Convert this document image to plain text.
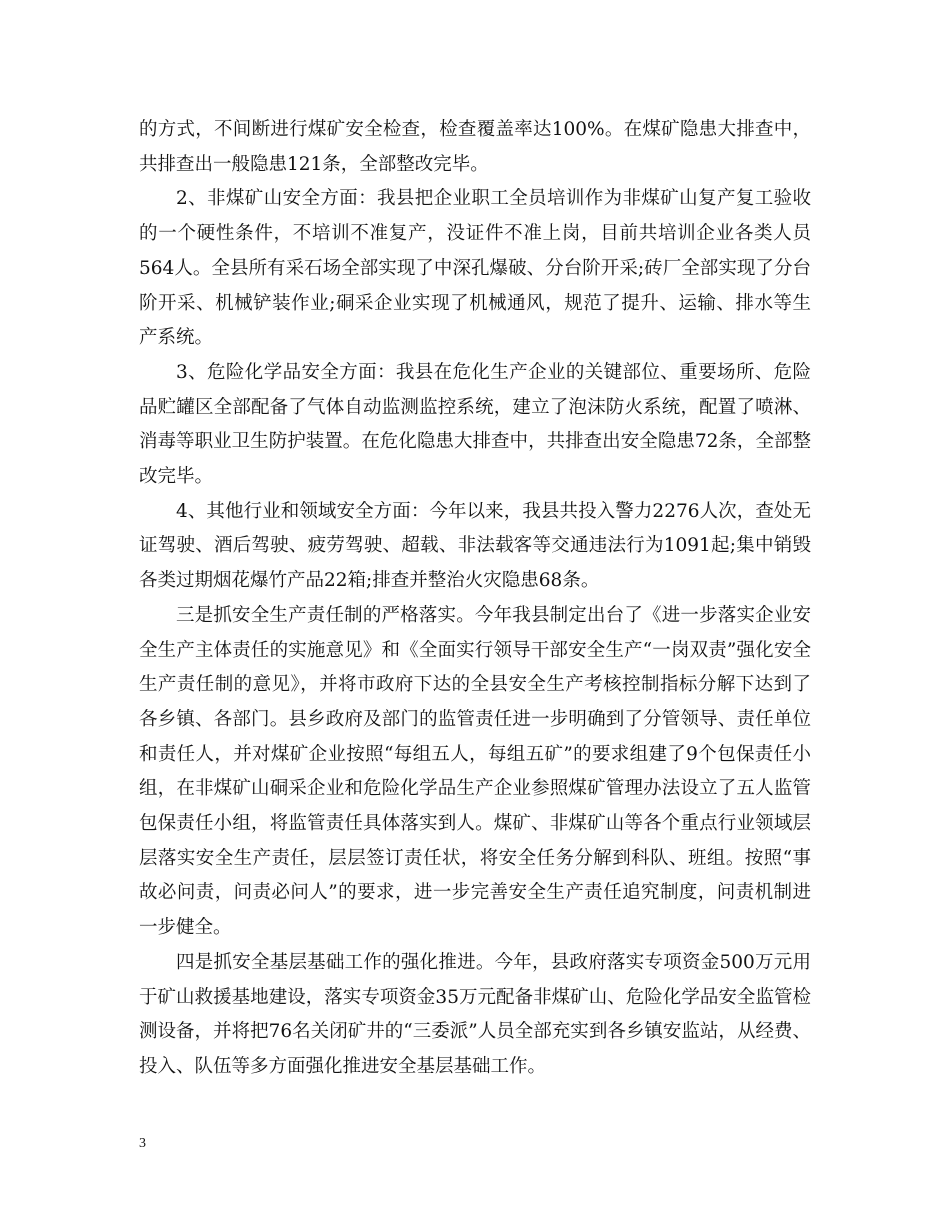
的方式，不间断进行煤矿安全检查，检查覆盖率达100%。在煤矿隐患大排查中，共排查出一般隐患121条，全部整改完毕。

2、非煤矿山安全方面：我县把企业职工全员培训作为非煤矿山复产复工验收的一个硬性条件，不培训不准复产，没证件不准上岗，目前共培训企业各类人员564人。全县所有采石场全部实现了中深孔爆破、分台阶开采;砖厂全部实现了分台阶开采、机械铲装作业;硐采企业实现了机械通风，规范了提升、运输、排水等生产系统。

3、危险化学品安全方面：我县在危化生产企业的关键部位、重要场所、危险品贮罐区全部配备了气体自动监测监控系统，建立了泡沫防火系统，配置了喷淋、消毒等职业卫生防护装置。在危化隐患大排查中，共排查出安全隐患72条，全部整改完毕。

4、其他行业和领域安全方面：今年以来，我县共投入警力2276人次，查处无证驾驶、酒后驾驶、疲劳驾驶、超载、非法载客等交通违法行为1091起;集中销毁各类过期烟花爆竹产品22箱;排查并整治火灾隐患68条。

三是抓安全生产责任制的严格落实。今年我县制定出台了《进一步落实企业安全生产主体责任的实施意见》和《全面实行领导干部安全生产“一岗双责”强化安全生产责任制的意见》，并将市政府下达的全县安全生产考核控制指标分解下达到了各乡镇、各部门。县乡政府及部门的监管责任进一步明确到了分管领导、责任单位和责任人，并对煤矿企业按照“每组五人，每组五矿”的要求组建了9个包保责任小组，在非煤矿山硐采企业和危险化学品生产企业参照煤矿管理办法设立了五人监管包保责任小组，将监管责任具体落实到人。煤矿、非煤矿山等各个重点行业领域层层落实安全生产责任，层层签订责任状，将安全任务分解到科队、班组。按照“事故必问责，问责必问人”的要求，进一步完善安全生产责任追究制度，问责机制进一步健全。

四是抓安全基层基础工作的强化推进。今年，县政府落实专项资金500万元用于矿山救援基地建设，落实专项资金35万元配备非煤矿山、危险化学品安全监管检测设备，并将把76名关闭矿井的“三委派”人员全部充实到各乡镇安监站，从经费、投入、队伍等多方面强化推进安全基层基础工作。

3
